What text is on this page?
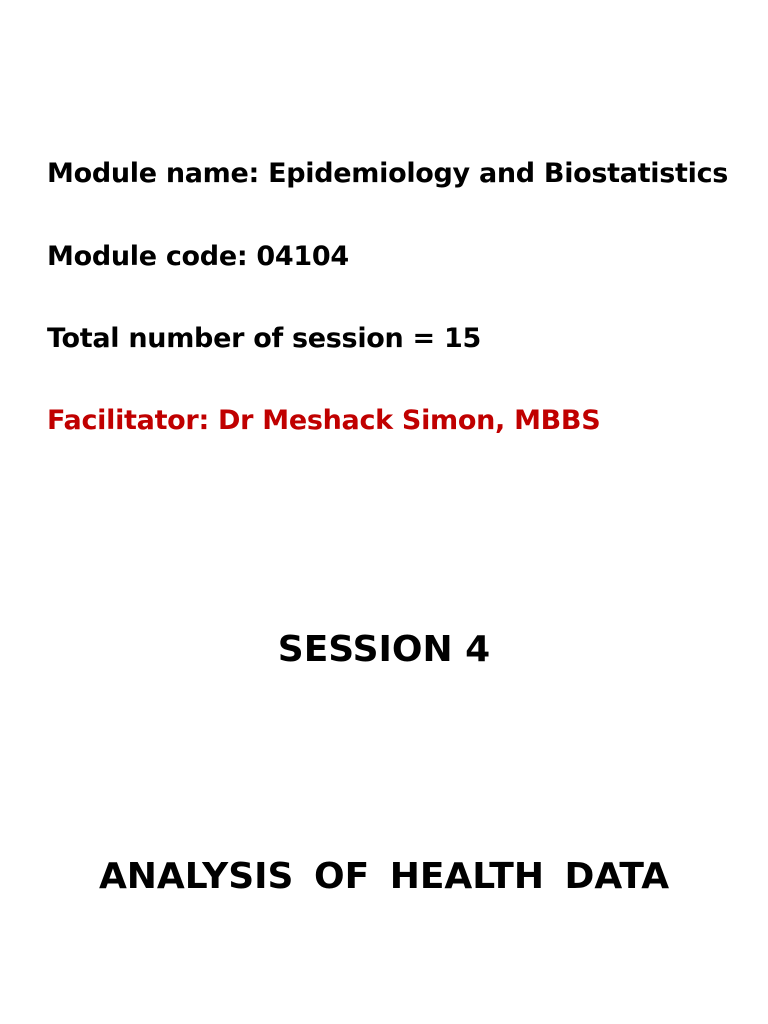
Module name: Epidemiology and Biostatistics
Module code: 04104
Total number of session = 15
Facilitator: Dr Meshack Simon, MBBS
SESSION 4
ANALYSIS OF HEALTH DATA
